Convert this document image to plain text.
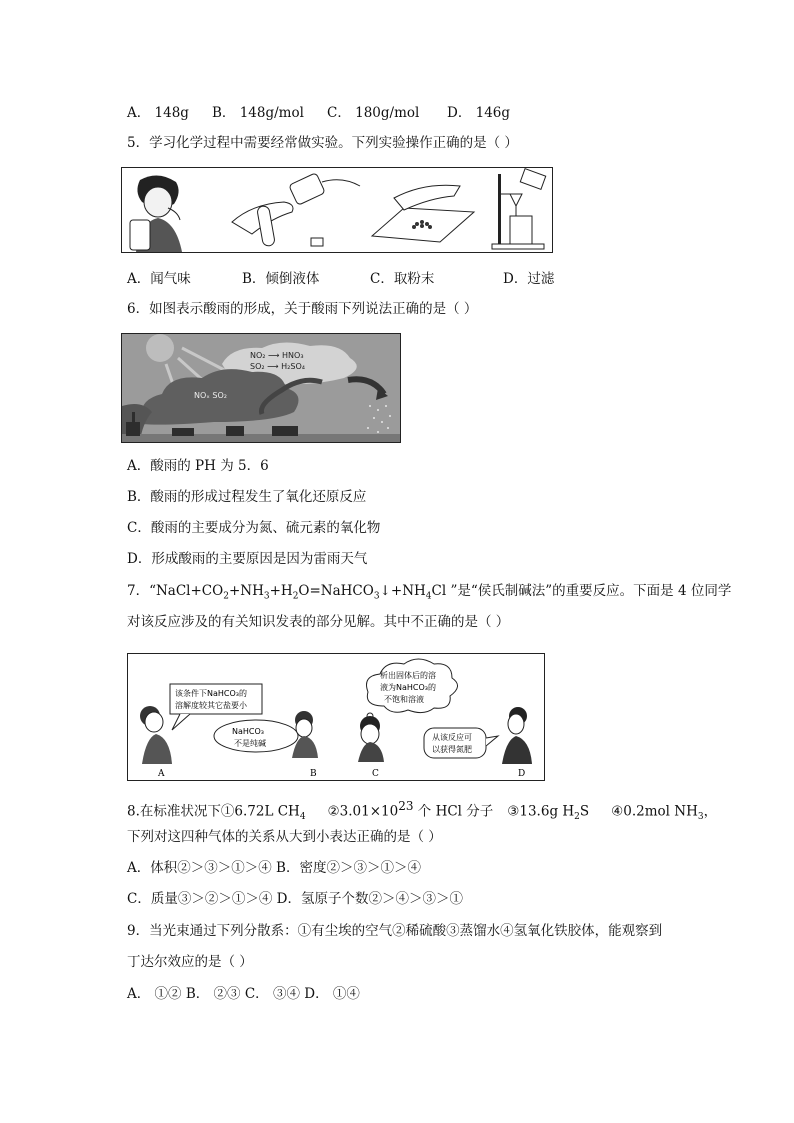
A． 148g B． 148g/mol C． 180g/mol D． 146g
5．学习化学过程中需要经常做实验。下列实验操作正确的是（ ）
A．闻气味	B．倾倒液体	C．取粉末	D．过滤
6．如图表示酸雨的形成，关于酸雨下列说法正确的是（ ）
NO₂ ⟶ HNO₃
SO₂ ⟶ H₂SO₄
NOₓ SO₂
A．酸雨的 PH 为 5．6
B．酸雨的形成过程发生了氧化还原反应
C．酸雨的主要成分为氮、硫元素的氧化物
D．形成酸雨的主要原因是因为雷雨天气
7．“$NaCl+CO_2+NH_3+H_2O=NaHCO_3↓+NH_4Cl$ ”是“侯氏制碱法”的重要反应。下面是 4 位同学
对该反应涉及的有关知识发表的部分见解。其中不正确的是（ ）
该条件下NaHCO₃的
溶解度较其它盐要小
A
NaHCO₃
不是纯碱
B
析出固体后的溶
液为NaHCO₃的
不饱和溶液
C
从该反应可
以获得氮肥
D
8.在标准状况下①6.72L $CH_4$ $②3.01\times 10^{23}$ 个 HCl 分子 ③13.6g $H_2S$ ④0.2mol $NH_3$，
下列对这四种气体的关系从大到小表达正确的是（ ）
A．体积②＞③＞①＞④ B．密度②＞③＞①＞④
C．质量③＞②＞①＞④ D．氢原子个数②＞④＞③＞①
9．当光束通过下列分散系：①有尘埃的空气②稀硫酸③蒸馏水④氢氧化铁胶体，能观察到
丁达尔效应的是（ ）
A． ①② B． ②③ C． ③④ D． ①④
